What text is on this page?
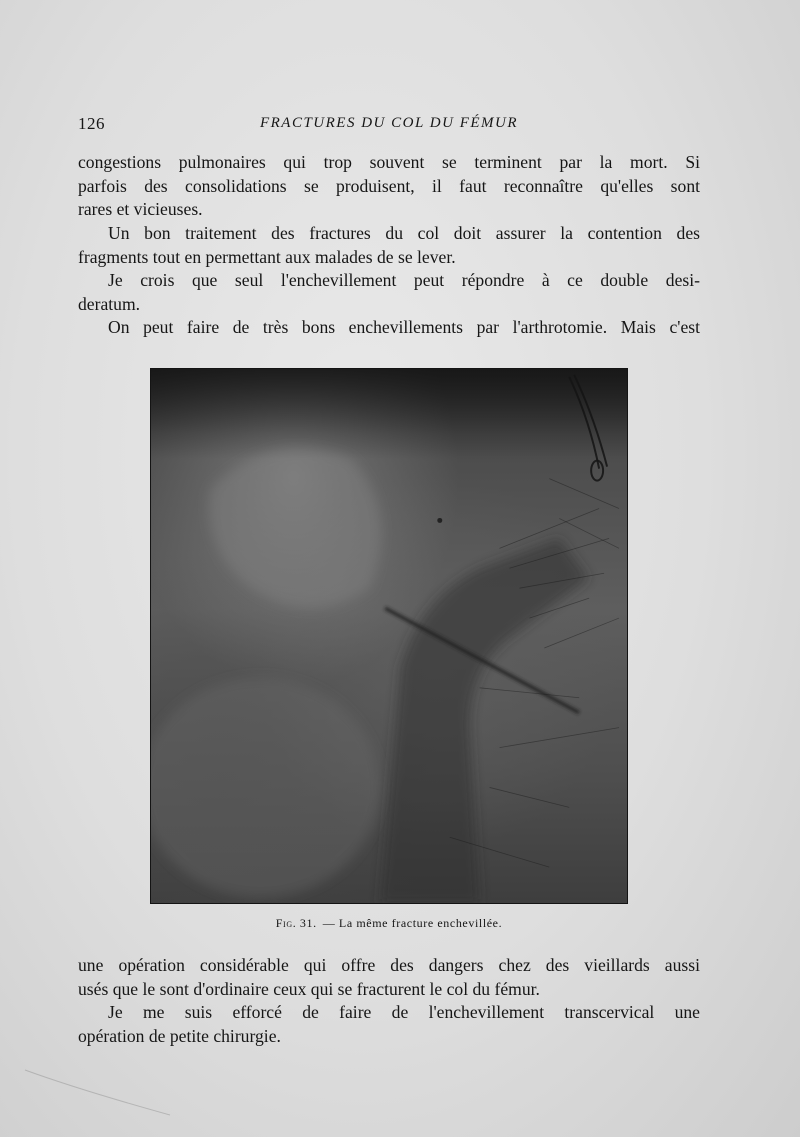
126	FRACTURES DU COL DU FÉMUR

congestions pulmonaires qui trop souvent se terminent par la mort. Si
parfois des consolidations se produisent, il faut reconnaître qu'elles sont
rares et vicieuses.

Un bon traitement des fractures du col doit assurer la contention des
fragments tout en permettant aux malades de se lever.

Je crois que seul l'enchevillement peut répondre à ce double desi-
deratum.

On peut faire de très bons enchevillements par l'arthrotomie. Mais c'est

Fig. 31. — La même fracture enchevillée.

une opération considérable qui offre des dangers chez des vieillards aussi
usés que le sont d'ordinaire ceux qui se fracturent le col du fémur.

Je me suis efforcé de faire de l'enchevillement transcervical une
opération de petite chirurgie.
